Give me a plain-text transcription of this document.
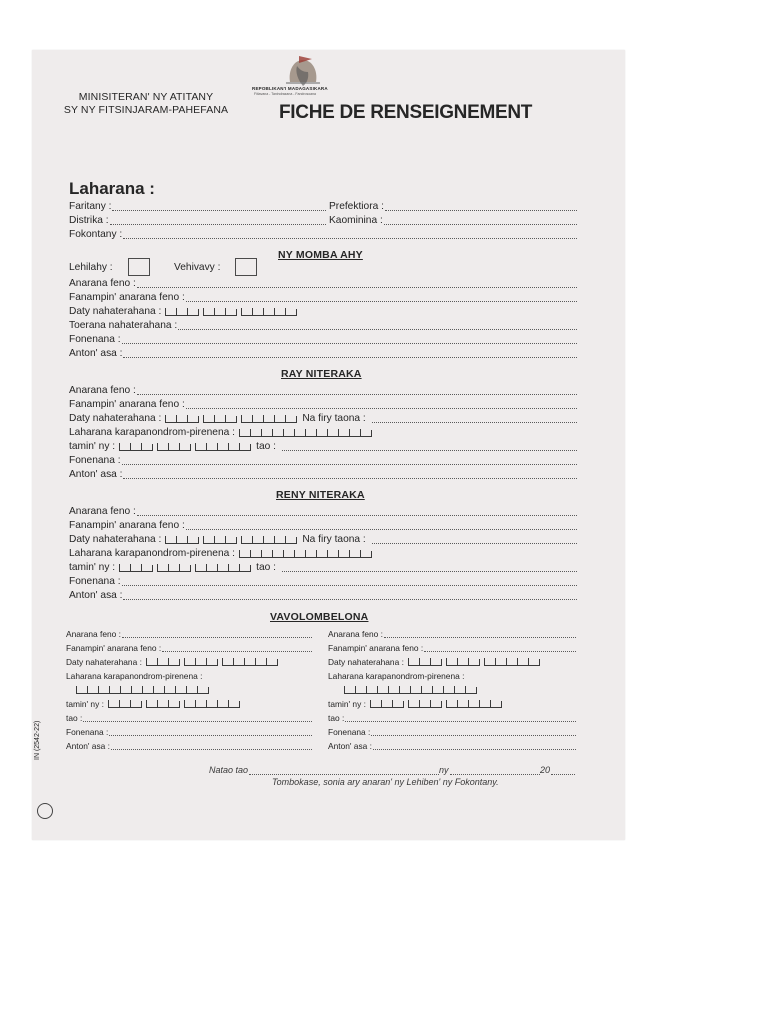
MINISITERAN' NY ATITANY
SY NY FITSINJARAM-PAHEFANA
REPOBLIKAN'I MADAGASIKARA
Fitiavana - Tanindrazana - Fandrosoana
FICHE DE RENSEIGNEMENT
Laharana :
Faritany :	Prefektiora :
Distrika :	Kaominina :
Fokontany :
NY MOMBA AHY
Lehilahy :	Vehivavy :
Anarana feno :
Fanampin' anarana feno :
Daty nahaterahana :
Toerana nahaterahana :
Fonenana :
Anton' asa :
RAY NITERAKA
Anarana feno :
Fanampin' anarana feno :
Daty nahaterahana :	Na firy taona :
Laharana karapanondrom-pirenena :
tamin' ny :	tao :
Fonenana :
Anton' asa :
RENY NITERAKA
Anarana feno :
Fanampin' anarana feno :
Daty nahaterahana :	Na firy taona :
Laharana karapanondrom-pirenena :
tamin' ny :	tao :
Fonenana :
Anton' asa :
VAVOLOMBELONA
Anarana feno :
Fanampin' anarana feno :
Daty nahaterahana :
Laharana karapanondrom-pirenena :
tamin' ny :
tao :
Fonenana :
Anton' asa :
Anarana feno :
Fanampin' anarana feno :
Daty nahaterahana :
Laharana karapanondrom-pirenena :
tamin' ny :
tao :
Fonenana :
Anton' asa :
Natao tao	ny	20
Tombokase, sonia ary anaran' ny Lehiben' ny Fokontany.
IN (2542-22)
